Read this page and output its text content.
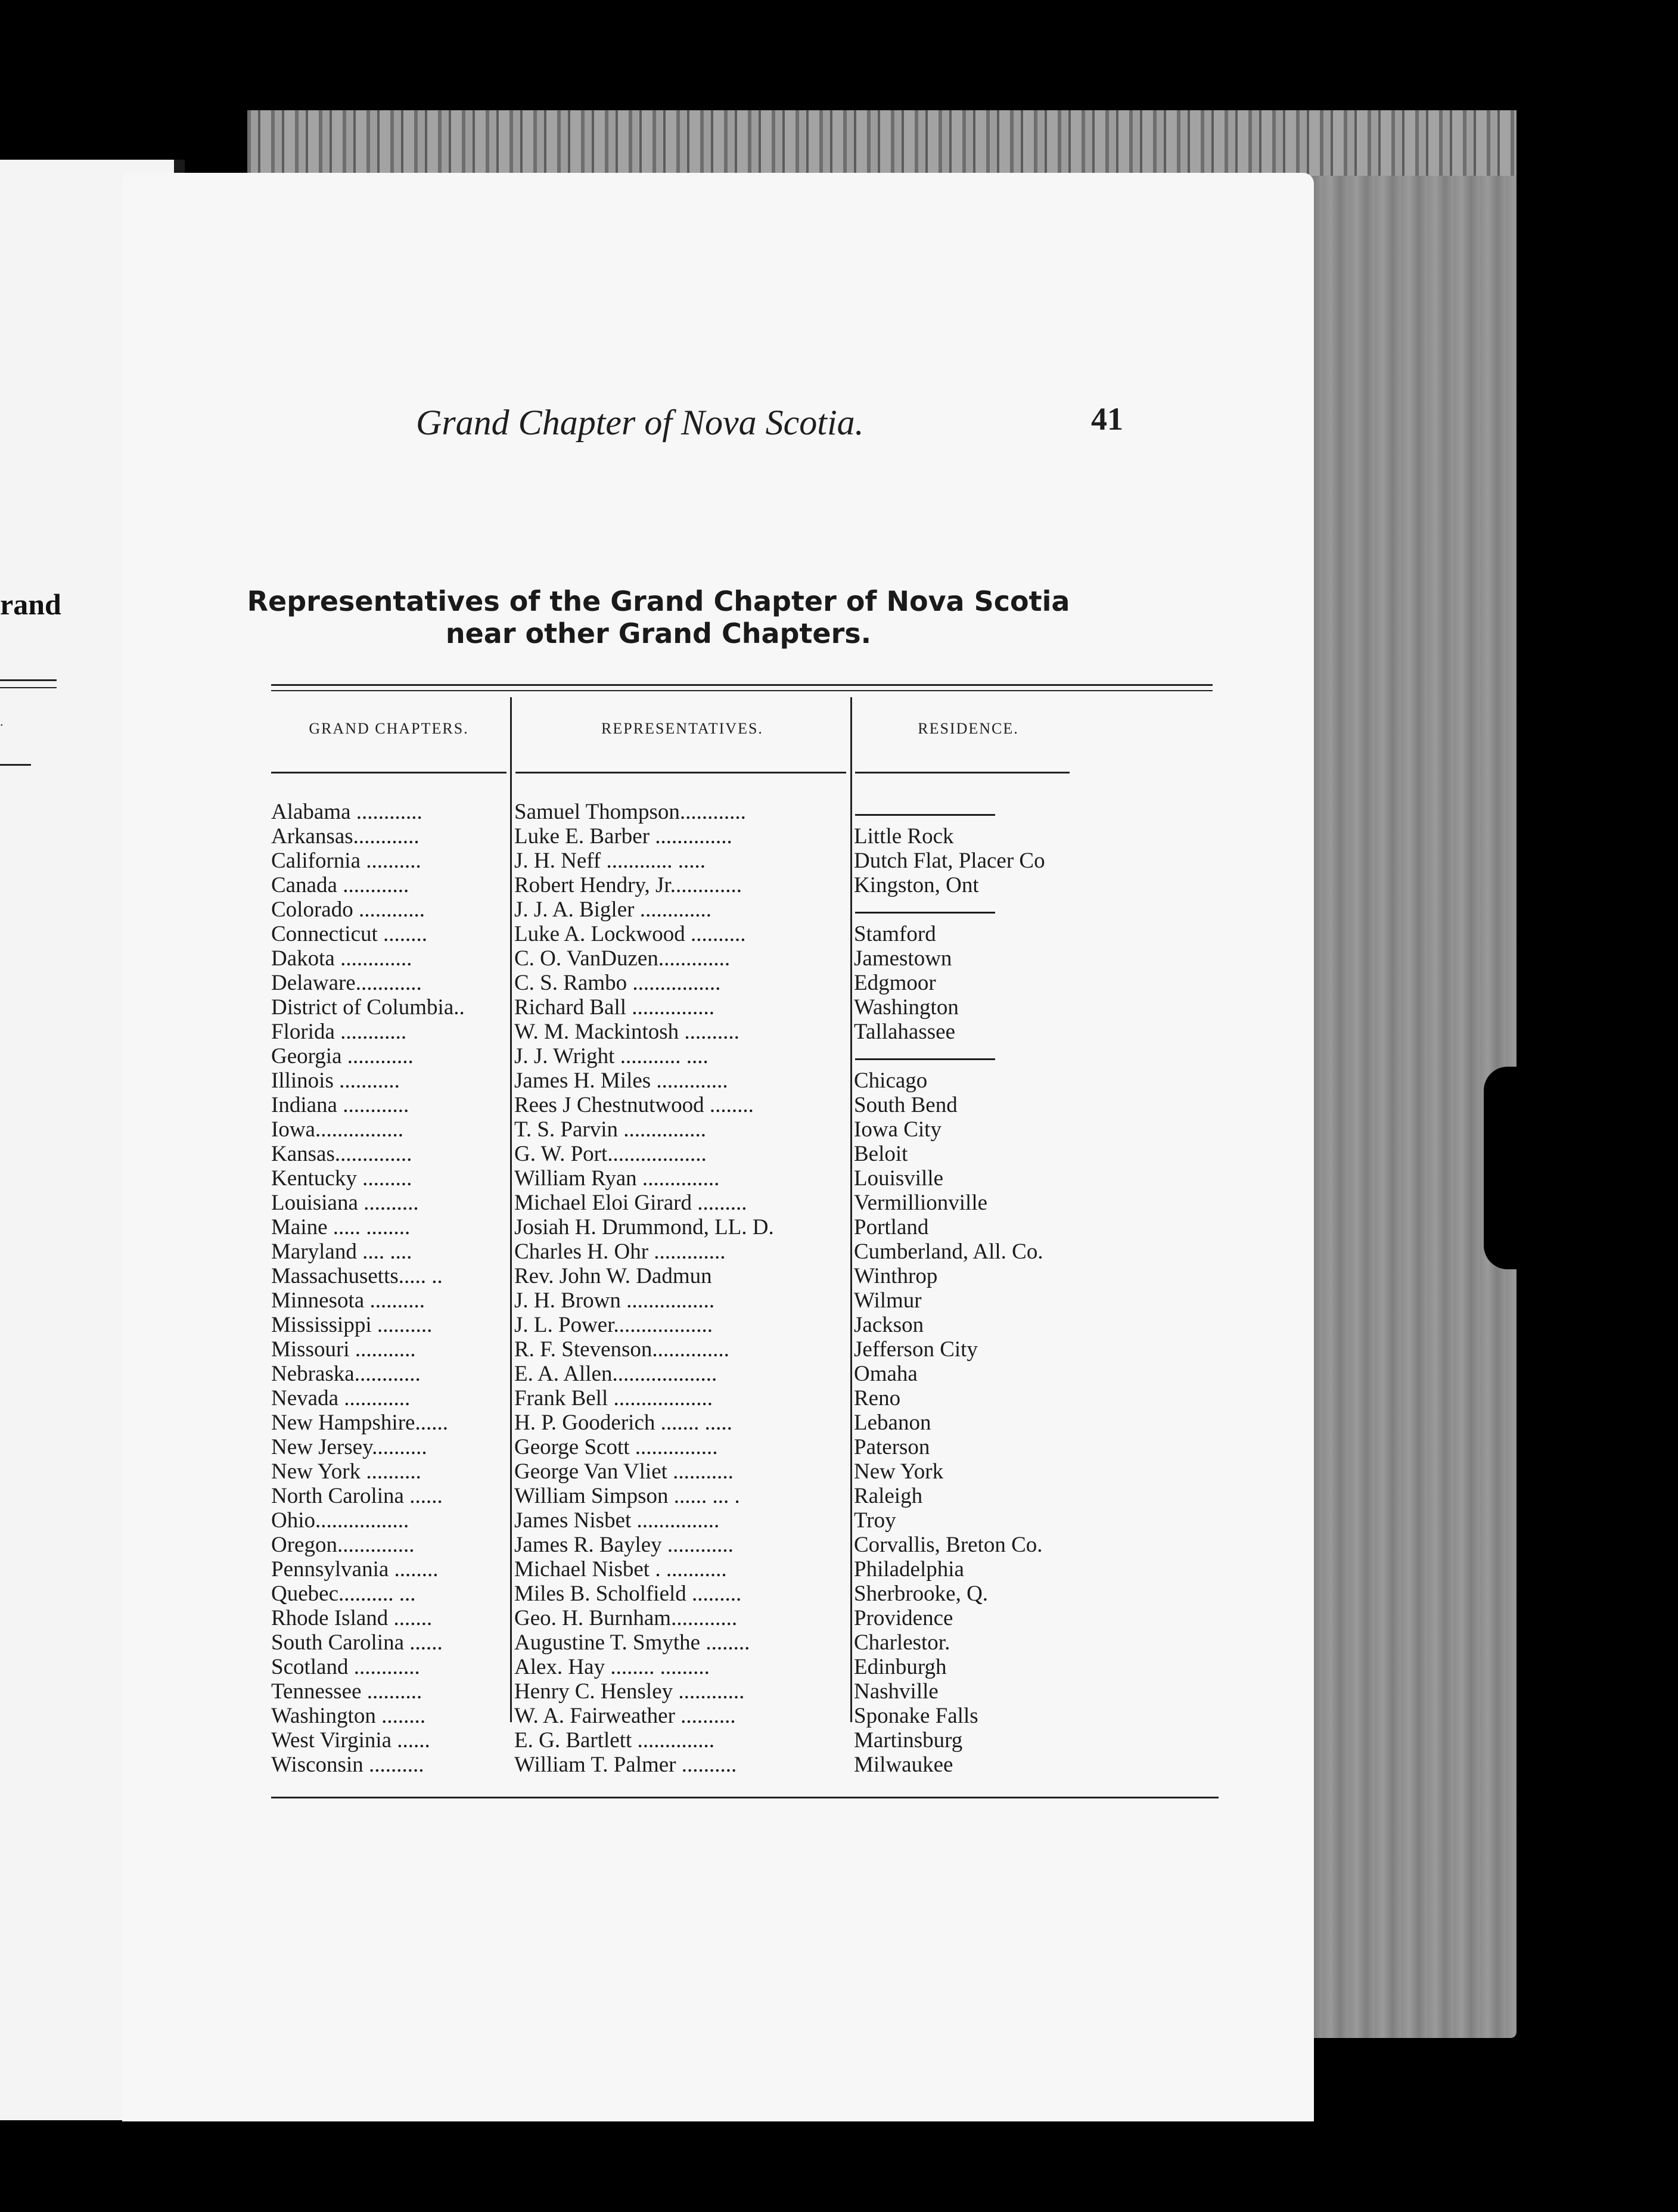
rand
.
Grand Chapter of Nova Scotia.	41
Representatives of the Grand Chapter of Nova Scotia
near other Grand Chapters.
GRAND CHAPTERS.	REPRESENTATIVES.	RESIDENCE.
Alabama ............	Samuel Thompson............
Arkansas............	Luke E. Barber ..............	Little Rock
California ..........	J. H. Neff ............ .....	Dutch Flat, Placer Co
Canada ............	Robert Hendry, Jr.............	Kingston, Ont
Colorado ............	J. J. A. Bigler .............
Connecticut ........	Luke A. Lockwood ..........	Stamford
Dakota .............	C. O. VanDuzen.............	Jamestown
Delaware............	C. S. Rambo ................	Edgmoor
District of Columbia..	Richard Ball ...............	Washington
Florida ............	W. M. Mackintosh ..........	Tallahassee
Georgia ............	J. J. Wright ........... ....
Illinois ...........	James H. Miles .............	Chicago
Indiana ............	Rees J Chestnutwood ........	South Bend
Iowa................	T. S. Parvin ...............	Iowa City
Kansas..............	G. W. Port..................	Beloit
Kentucky .........	William Ryan ..............	Louisville
Louisiana ..........	Michael Eloi Girard .........	Vermillionville
Maine ..... ........	Josiah H. Drummond, LL. D.	Portland
Maryland .... ....	Charles H. Ohr .............	Cumberland, All. Co.
Massachusetts..... ..	Rev. John W. Dadmun	Winthrop
Minnesota ..........	J. H. Brown ................	Wilmur
Mississippi ..........	J. L. Power..................	Jackson
Missouri ...........	R. F. Stevenson..............	Jefferson City
Nebraska............	E. A. Allen...................	Omaha
Nevada ............	Frank Bell ..................	Reno
New Hampshire......	H. P. Gooderich ....... .....	Lebanon
New Jersey..........	George Scott ...............	Paterson
New York ..........	George Van Vliet ...........	New York
North Carolina ......	William Simpson ...... ... .	Raleigh
Ohio.................	James Nisbet ...............	Troy
Oregon..............	James R. Bayley ............	Corvallis, Breton Co.
Pennsylvania ........	Michael Nisbet . ...........	Philadelphia
Quebec.......... ...	Miles B. Scholfield .........	Sherbrooke, Q.
Rhode Island .......	Geo. H. Burnham............	Providence
South Carolina ......	Augustine T. Smythe ........	Charlestor.
Scotland ............	Alex. Hay ........ .........	Edinburgh
Tennessee ..........	Henry C. Hensley ............	Nashville
Washington ........	W. A. Fairweather ..........	Sponake Falls
West Virginia ......	E. G. Bartlett ..............	Martinsburg
Wisconsin ..........	William T. Palmer ..........	Milwaukee
